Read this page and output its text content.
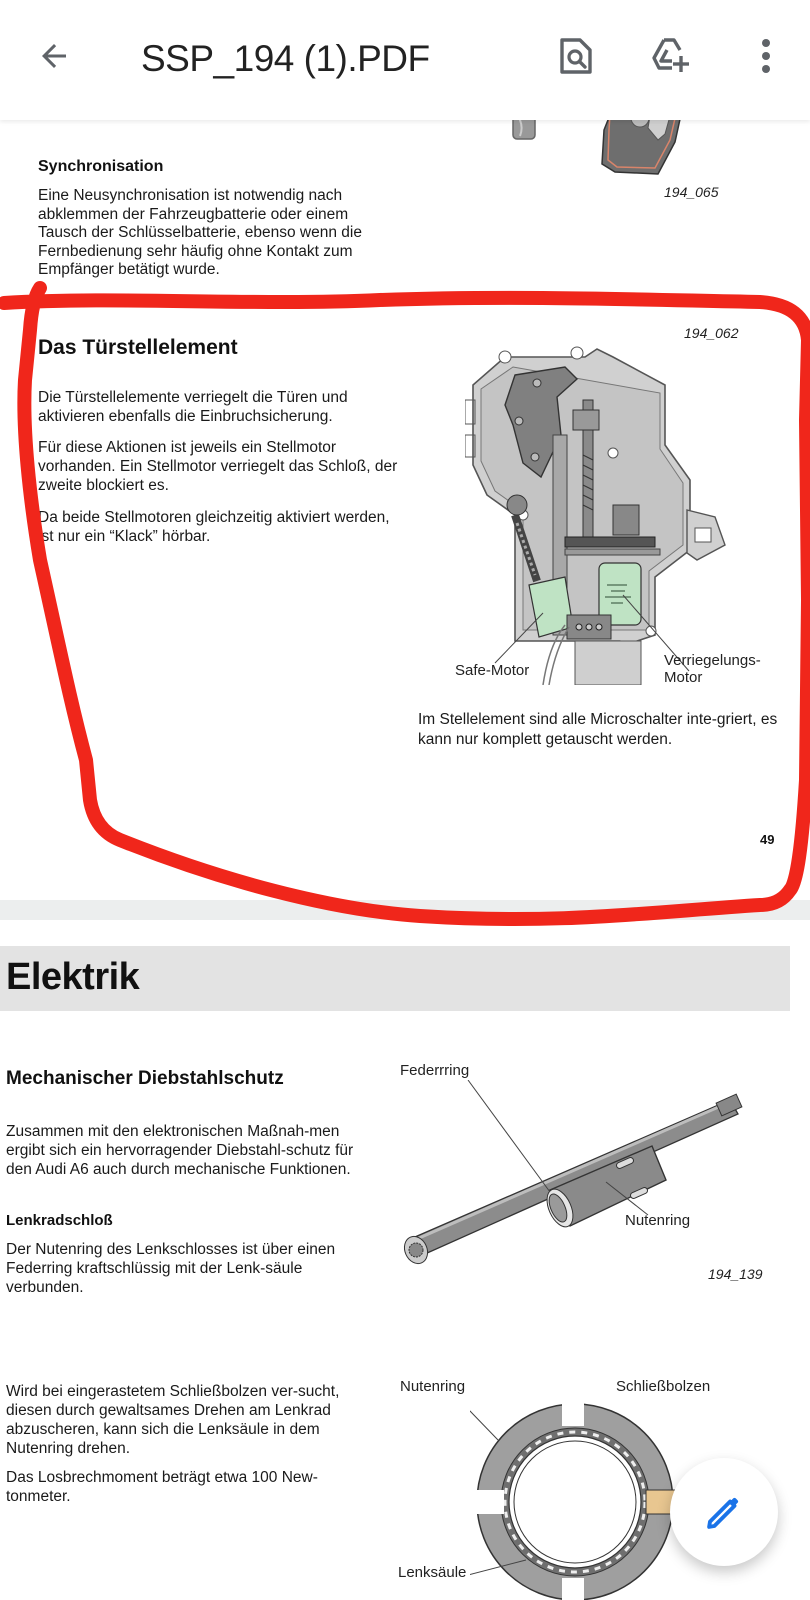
SSP_194 (1).PDF
194_065
Synchronisation
Eine Neusynchronisation ist notwendig nach abklemmen der Fahrzeugbatterie oder einem Tausch der Schlüsselbatterie, ebenso wenn die Fernbedienung sehr häufig ohne Kontakt zum Empfänger betätigt wurde.
Das Türstellelement
Die Türstellelemente verriegelt die Türen und aktivieren ebenfalls die Einbruchsicherung.
Für diese Aktionen ist jeweils ein Stellmotor vorhanden. Ein Stellmotor verriegelt das Schloß, der zweite blockiert es.
Da beide Stellmotoren gleichzeitig aktiviert werden, ist nur ein “Klack” hörbar.
194_062
Safe-Motor
Verriegelungs-
Motor
Im Stellelement sind alle Microschalter inte-griert, es kann nur komplett getauscht werden.
49
Elektrik
Mechanischer Diebstahlschutz
Zusammen mit den elektronischen Maßnah-men ergibt sich ein hervorragender Diebstahl-schutz für den Audi A6 auch durch mechanische Funktionen.
Lenkradschloß
Der Nutenring des Lenkschlosses ist über einen Federring kraftschlüssig mit der Lenk-säule verbunden.
Federrring
Nutenring
194_139
Wird bei eingerastetem Schließbolzen ver-sucht, diesen durch gewaltsames Drehen am Lenkrad abzuscheren, kann sich die Lenksäule in dem Nutenring drehen.
Das Losbrechmoment beträgt etwa 100 New-tonmeter.
Nutenring	Schließbolzen
Lenksäule
